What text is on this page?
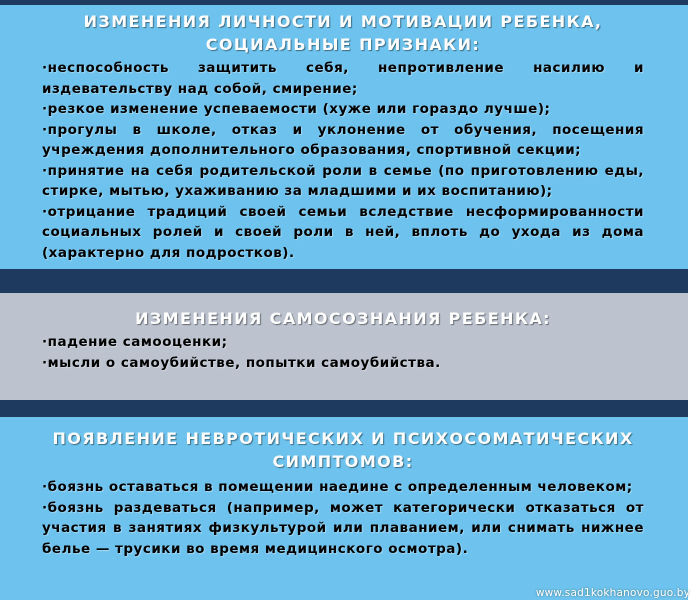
ИЗМЕНЕНИЯ ЛИЧНОСТИ И МОТИВАЦИИ РЕБЕНКА,
СОЦИАЛЬНЫЕ ПРИЗНАКИ:
·неспособность защитить себя, непротивление насилию и издевательству над собой, смирение;
·резкое изменение успеваемости (хуже или гораздо лучше);
·прогулы в школе, отказ и уклонение от обучения, посещения учреждения дополнительного образования, спортивной секции;
·принятие на себя родительской роли в семье (по приготовлению еды, стирке, мытью, ухаживанию за младшими и их воспитанию);
·отрицание традиций своей семьи вследствие несформированности социальных ролей и своей роли в ней, вплоть до ухода из дома (характерно для подростков).
ИЗМЕНЕНИЯ САМОСОЗНАНИЯ РЕБЕНКА:
·падение самооценки;
·мысли о самоубийстве, попытки самоубийства.
ПОЯВЛЕНИЕ НЕВРОТИЧЕСКИХ И ПСИХОСОМАТИЧЕСКИХ
СИМПТОМОВ:
·боязнь оставаться в помещении наедине с определенным человеком;
·боязнь раздеваться (например, может категорически отказаться от участия в занятиях физкультурой или плаванием, или снимать нижнее белье — трусики во время медицинского осмотра).
www.sad1kokhanovo.guo.by
